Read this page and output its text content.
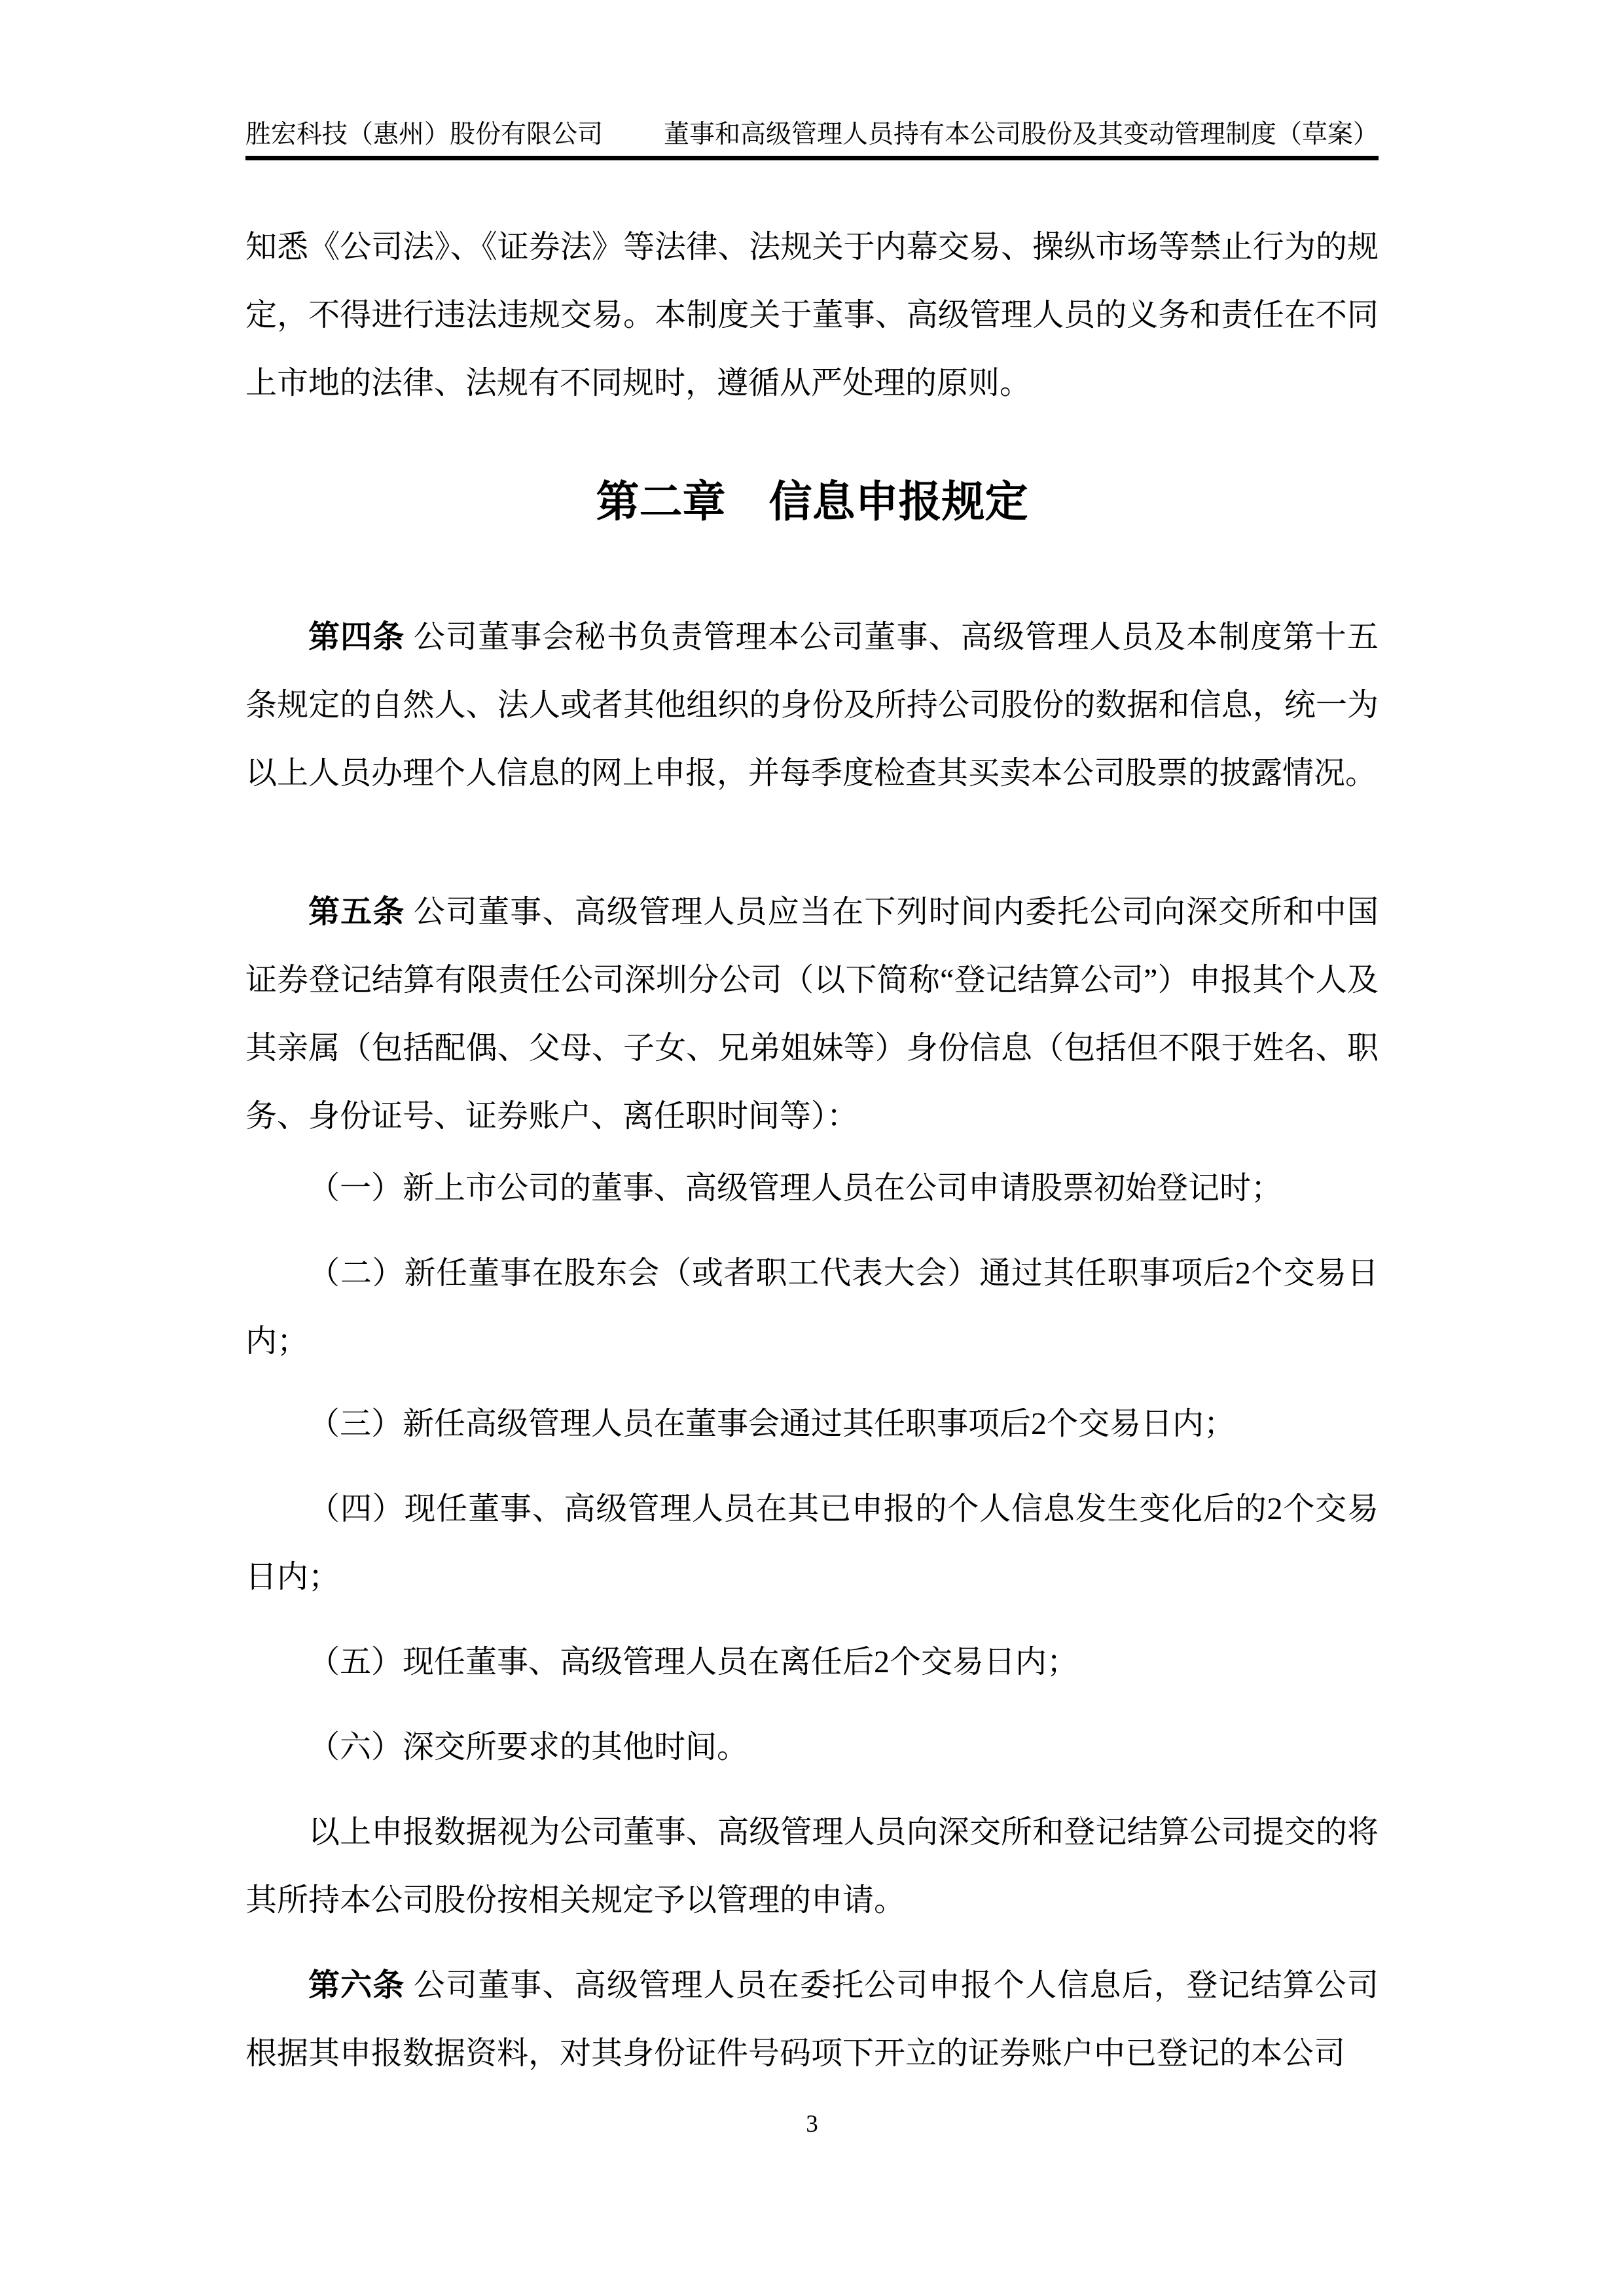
胜宏科技（惠州）股份有限公司 董事和高级管理人员持有本公司股份及其变动管理制度（草案）

知悉《公司法》、《证券法》等法律、法规关于内幕交易、操纵市场等禁止行为的规定，不得进行违法违规交易。本制度关于董事、高级管理人员的义务和责任在不同上市地的法律、法规有不同规时，遵循从严处理的原则。

第二章　信息申报规定

第四条 公司董事会秘书负责管理本公司董事、高级管理人员及本制度第十五条规定的自然人、法人或者其他组织的身份及所持公司股份的数据和信息，统一为以上人员办理个人信息的网上申报，并每季度检查其买卖本公司股票的披露情况。

第五条 公司董事、高级管理人员应当在下列时间内委托公司向深交所和中国证券登记结算有限责任公司深圳分公司（以下简称“登记结算公司”）申报其个人及其亲属（包括配偶、父母、子女、兄弟姐妹等）身份信息（包括但不限于姓名、职务、身份证号、证券账户、离任职时间等）：

（一）新上市公司的董事、高级管理人员在公司申请股票初始登记时；

（二）新任董事在股东会（或者职工代表大会）通过其任职事项后2个交易日内；

（三）新任高级管理人员在董事会通过其任职事项后2个交易日内；

（四）现任董事、高级管理人员在其已申报的个人信息发生变化后的2个交易日内；

（五）现任董事、高级管理人员在离任后2个交易日内；

（六）深交所要求的其他时间。

以上申报数据视为公司董事、高级管理人员向深交所和登记结算公司提交的将其所持本公司股份按相关规定予以管理的申请。

第六条 公司董事、高级管理人员在委托公司申报个人信息后，登记结算公司根据其申报数据资料，对其身份证件号码项下开立的证券账户中已登记的本公司

3
